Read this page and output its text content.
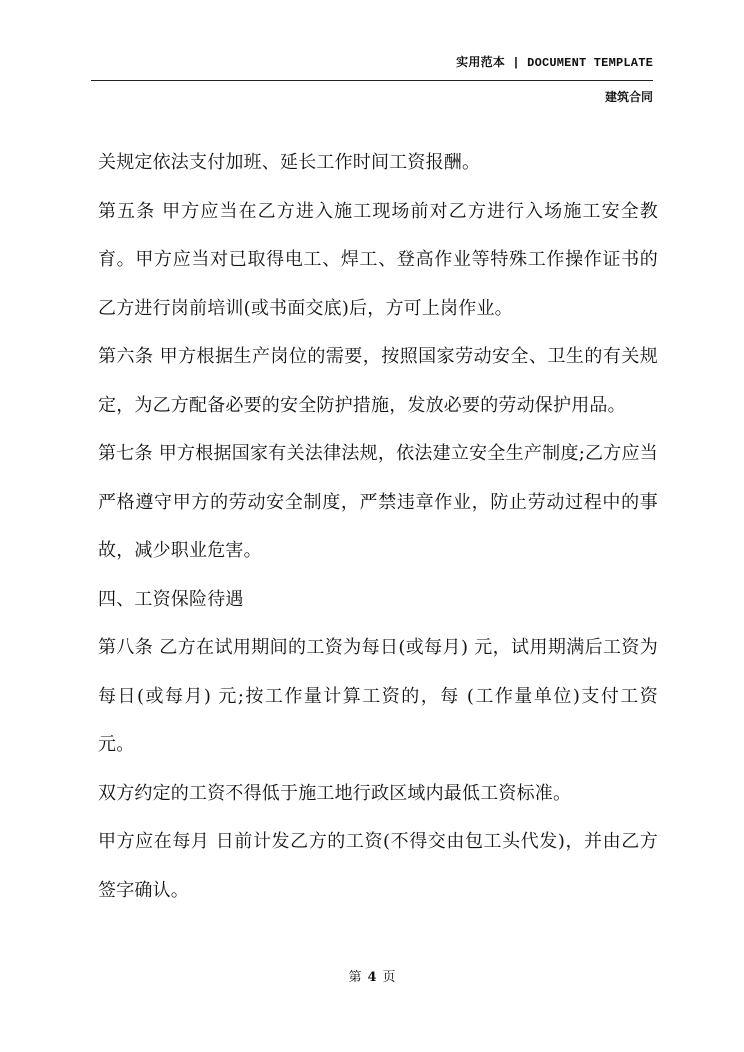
实用范本 | DOCUMENT TEMPLATE
建筑合同

关规定依法支付加班、延长工作时间工资报酬。

第五条 甲方应当在乙方进入施工现场前对乙方进行入场施工安全教育。甲方应当对已取得电工、焊工、登高作业等特殊工作操作证书的乙方进行岗前培训(或书面交底)后，方可上岗作业。

第六条 甲方根据生产岗位的需要，按照国家劳动安全、卫生的有关规定，为乙方配备必要的安全防护措施，发放必要的劳动保护用品。

第七条 甲方根据国家有关法律法规，依法建立安全生产制度;乙方应当严格遵守甲方的劳动安全制度，严禁违章作业，防止劳动过程中的事故，减少职业危害。

四、工资保险待遇

第八条 乙方在试用期间的工资为每日(或每月) 元，试用期满后工资为每日(或每月) 元;按工作量计算工资的，每 (工作量单位)支付工资 元。

双方约定的工资不得低于施工地行政区域内最低工资标准。

甲方应在每月 日前计发乙方的工资(不得交由包工头代发)，并由乙方签字确认。

第 4 页
